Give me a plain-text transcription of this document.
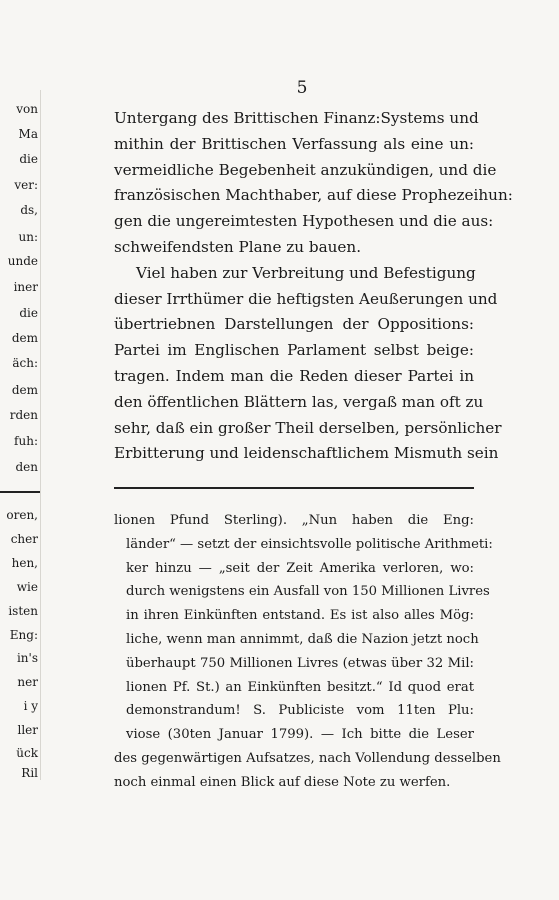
von
Ma
die
ver:
ds,
un:
unde
iner
die
dem
äch:
dem
rden
fuh:
den
oren,
cher
hen,
wie
isten
Eng:
in's
ner
i y
ller
ück
Ril
5
Untergang des Brittischen Finanz:Systems und
mithin der Brittischen Verfassung als eine un:
vermeidliche Begebenheit anzukündigen, und die
französischen Machthaber, auf diese Prophezeihun:
gen die ungereimtesten Hypothesen und die aus:
schweifendsten Plane zu bauen.
Viel haben zur Verbreitung und Befestigung
dieser Irrthümer die heftigsten Aeußerungen und
übertriebnen Darstellungen der Oppositions:
Partei im Englischen Parlament selbst beige:
tragen. Indem man die Reden dieser Partei in
den öffentlichen Blättern las, vergaß man oft zu
sehr, daß ein großer Theil derselben, persönlicher
Erbitterung und leidenschaftlichem Mismuth sein
lionen Pfund Sterling). „Nun haben die Eng:
länder“ — setzt der einsichtsvolle politische Arithmeti:
ker hinzu — „seit der Zeit Amerika verloren, wo:
durch wenigstens ein Ausfall von 150 Millionen Livres
in ihren Einkünften entstand. Es ist also alles Mög:
liche, wenn man annimmt, daß die Nazion jetzt noch
überhaupt 750 Millionen Livres (etwas über 32 Mil:
lionen Pf. St.) an Einkünften besitzt.“ Id quod erat
demonstrandum! S. Publiciste vom 11ten Plu:
viose (30ten Januar 1799). — Ich bitte die Leser
des gegenwärtigen Aufsatzes, nach Vollendung desselben
noch einmal einen Blick auf diese Note zu werfen.
